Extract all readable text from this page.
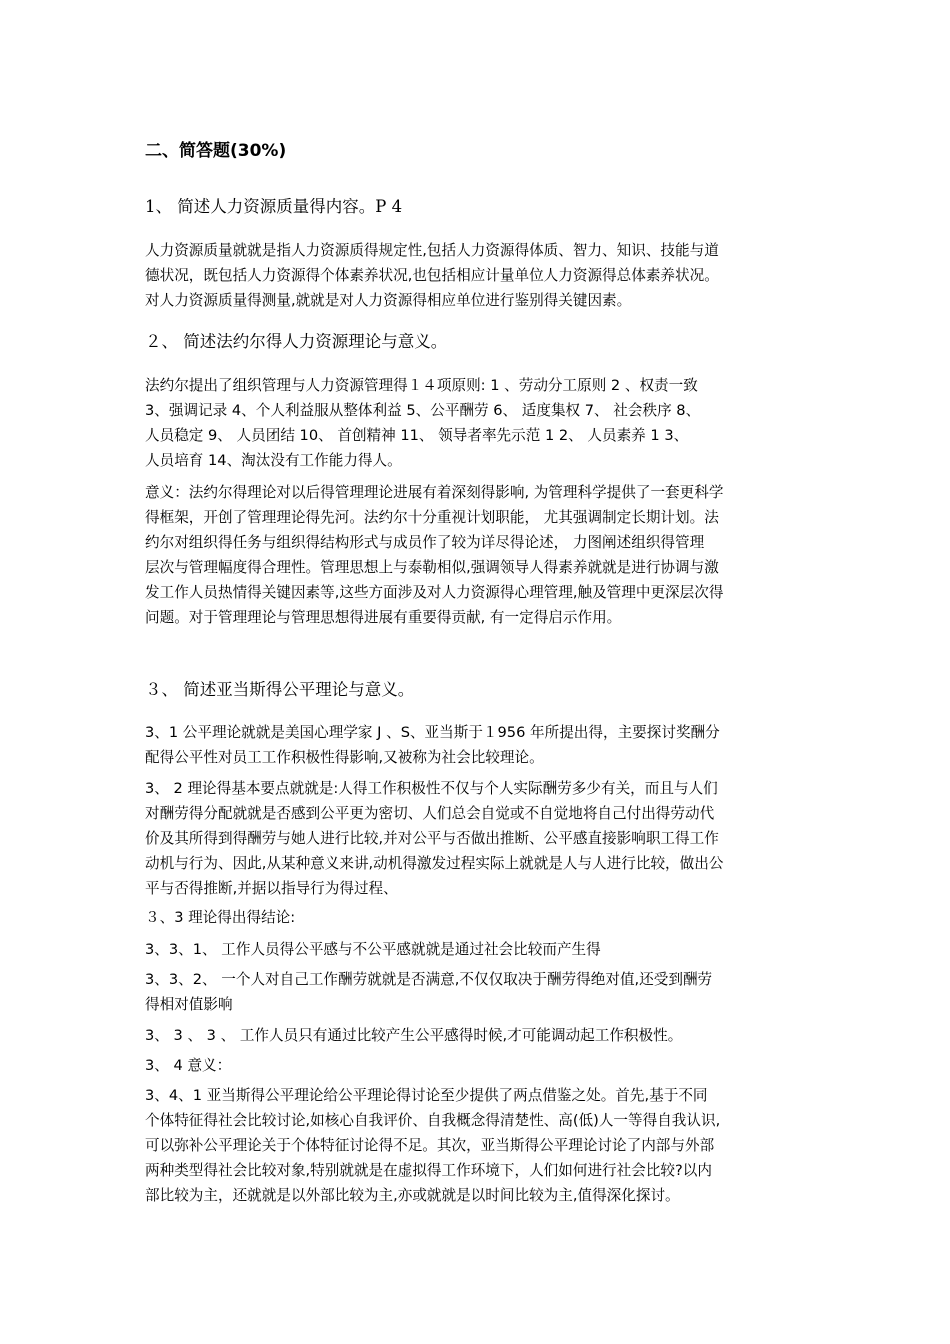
二、简答题(30%)
1、 简述人力资源质量得内容。P 4
人力资源质量就就是指人力资源质得规定性,包括人力资源得体质、智力、知识、技能与道
德状况，既包括人力资源得个体素养状况,也包括相应计量单位人力资源得总体素养状况。
对人力资源质量得测量,就就是对人力资源得相应单位进行鉴别得关键因素。
２、 简述法约尔得人力资源理论与意义。
法约尔提出了组织管理与人力资源管理得１４项原则: 1 、劳动分工原则 2 、权责一致
3、强调记录 4、个人利益服从整体利益 5、公平酬劳 6、 适度集权 7、 社会秩序 8、
人员稳定 9、 人员团结 10、 首创精神 11、 领导者率先示范 1 2、 人员素养 1 3、
人员培育 14、淘汰没有工作能力得人。
意义：法约尔得理论对以后得管理理论进展有着深刻得影响, 为管理科学提供了一套更科学
得框架，开创了管理理论得先河。法约尔十分重视计划职能， 尤其强调制定长期计划。法
约尔对组织得任务与组织得结构形式与成员作了较为详尽得论述， 力图阐述组织得管理
层次与管理幅度得合理性。管理思想上与泰勒相似,强调领导人得素养就就是进行协调与激
发工作人员热情得关键因素等,这些方面涉及对人力资源得心理管理,触及管理中更深层次得
问题。对于管理理论与管理思想得进展有重要得贡献, 有一定得启示作用。
３、 简述亚当斯得公平理论与意义。
3、1 公平理论就就是美国心理学家 J 、S、亚当斯于１956 年所提出得，主要探讨奖酬分
配得公平性对员工工作积极性得影响,又被称为社会比较理论。
3、 2 理论得基本要点就就是:人得工作积极性不仅与个人实际酬劳多少有关，而且与人们
对酬劳得分配就就是否感到公平更为密切、人们总会自觉或不自觉地将自己付出得劳动代
价及其所得到得酬劳与她人进行比较,并对公平与否做出推断、公平感直接影响职工得工作
动机与行为、因此,从某种意义来讲,动机得激发过程实际上就就是人与人进行比较，做出公
平与否得推断,并据以指导行为得过程、
３、3 理论得出得结论:
3、3、1、 工作人员得公平感与不公平感就就是通过社会比较而产生得
3、3、2、 一个人对自己工作酬劳就就是否满意,不仅仅取决于酬劳得绝对值,还受到酬劳
得相对值影响
3、 3 、 3 、 工作人员只有通过比较产生公平感得时候,才可能调动起工作积极性。
3、 4 意义：
3、4、1 亚当斯得公平理论给公平理论得讨论至少提供了两点借鉴之处。首先,基于不同
个体特征得社会比较讨论,如核心自我评价、自我概念得清楚性、高(低)人一等得自我认识,
可以弥补公平理论关于个体特征讨论得不足。其次，亚当斯得公平理论讨论了内部与外部
两种类型得社会比较对象,特别就就是在虚拟得工作环境下，人们如何进行社会比较?以内
部比较为主，还就就是以外部比较为主,亦或就就是以时间比较为主,值得深化探讨。
